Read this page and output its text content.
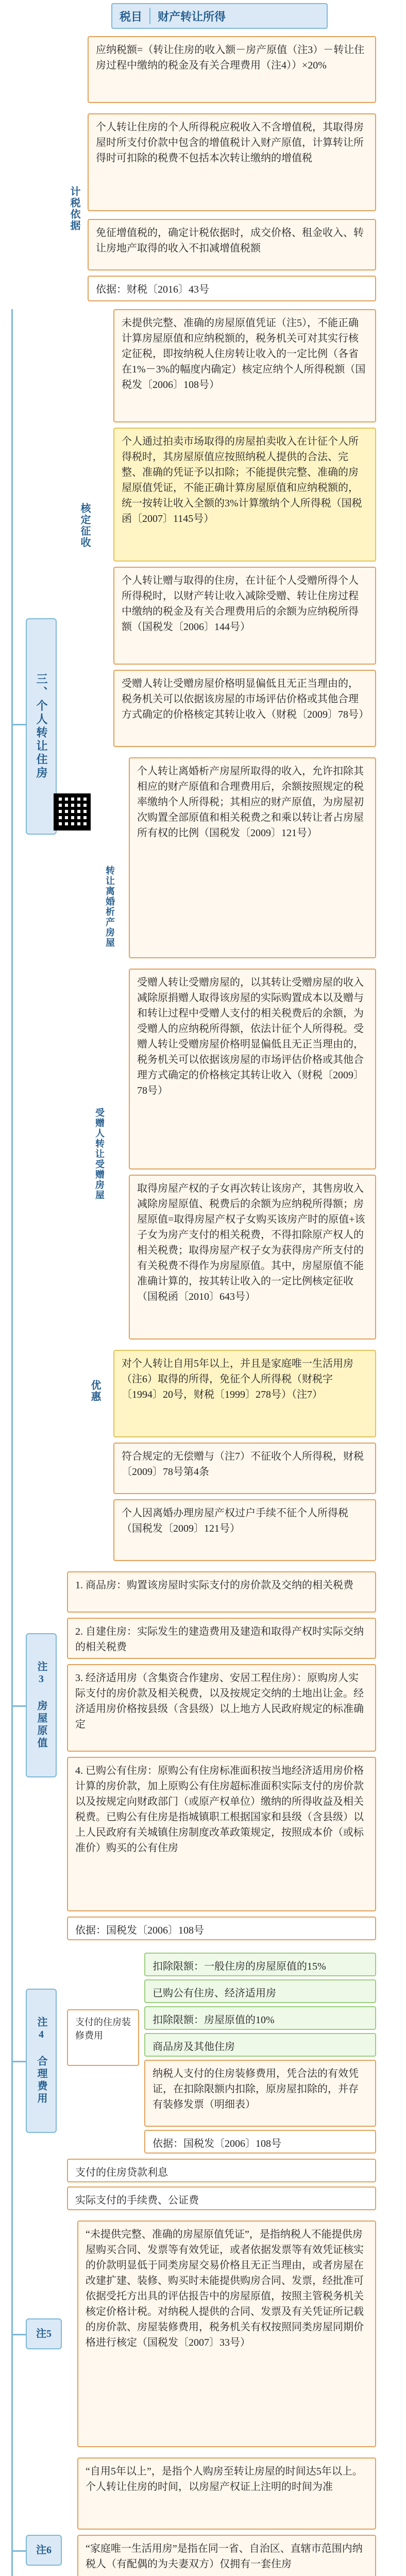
税目	财产转让所得
三、个人转让住房
计税依据
应纳税额=（转让住房的收入额－房产原值（注3）－转让住房过程中缴纳的税金及有关合理费用（注4））×20%
个人转让住房的个人所得税应税收入不含增值税，其取得房屋时所支付价款中包含的增值税计入财产原值，计算转让所得时可扣除的税费不包括本次转让缴纳的增值税
免征增值税的，确定计税依据时，成交价格、租金收入、转让房地产取得的收入不扣减增值税额
依据：财税〔2016〕43号
核定征收
未提供完整、准确的房屋原值凭证（注5），不能正确计算房屋原值和应纳税额的，税务机关可对其实行核定征税，即按纳税人住房转让收入的一定比例（各省在1%－3%的幅度内确定）核定应纳个人所得税额（国税发〔2006〕108号）
个人通过拍卖市场取得的房屋拍卖收入在计征个人所得税时，其房屋原值应按照纳税人提供的合法、完整、准确的凭证予以扣除；不能提供完整、准确的房屋原值凭证，不能正确计算房屋原值和应纳税额的，统一按转让收入全额的3%计算缴纳个人所得税（国税函〔2007〕1145号）
个人转让赠与取得的住房，在计征个人受赠所得个人所得税时，以财产转让收入减除受赠、转让住房过程中缴纳的税金及有关合理费用后的余额为应纳税所得额（国税发〔2006〕144号）
受赠人转让受赠房屋价格明显偏低且无正当理由的，税务机关可以依据该房屋的市场评估价格或其他合理方式确定的价格核定其转让收入（财税〔2009〕78号）
转让离婚析产房屋
个人转让离婚析产房屋所取得的收入，允许扣除其相应的财产原值和合理费用后，余额按照规定的税率缴纳个人所得税；其相应的财产原值，为房屋初次购置全部原值和相关税费之和乘以转让者占房屋所有权的比例（国税发〔2009〕121号）
受赠人转让受赠房屋
受赠人转让受赠房屋的，以其转让受赠房屋的收入减除原捐赠人取得该房屋的实际购置成本以及赠与和转让过程中受赠人支付的相关税费后的余额，为受赠人的应纳税所得额，依法计征个人所得税。受赠人转让受赠房屋价格明显偏低且无正当理由的，税务机关可以依据该房屋的市场评估价格或其他合理方式确定的价格核定其转让收入（财税〔2009〕78号）
取得房屋产权的子女再次转让该房产，其售房收入减除房屋原值、税费后的余额为应纳税所得额；房屋原值=取得房屋产权子女购买该房产时的原值+该子女为房产支付的相关税费，不得扣除原产权人的相关税费；取得房屋产权子女为获得房产所支付的有关税费不得作为房屋原值。其中，房屋原值不能准确计算的，按其转让收入的一定比例核定征收（国税函〔2010〕643号）
优惠
对个人转让自用5年以上，并且是家庭唯一生活用房（注6）取得的所得，免征个人所得税（财税字〔1994〕20号，财税〔1999〕278号）（注7）
符合规定的无偿赠与（注7）不征收个人所得税，财税〔2009〕78号第4条
个人因离婚办理房屋产权过户手续不征个人所得税（国税发〔2009〕121号）
注3 房屋原值
1. 商品房：购置该房屋时实际支付的房价款及交纳的相关税费
2. 自建住房：实际发生的建造费用及建造和取得产权时实际交纳的相关税费
3. 经济适用房（含集资合作建房、安居工程住房）：原购房人实际支付的房价款及相关税费，以及按规定交纳的土地出让金。经济适用房价格按县级（含县级）以上地方人民政府规定的标准确定
4. 已购公有住房：原购公有住房标准面积按当地经济适用房价格计算的房价款，加上原购公有住房超标准面积实际支付的房价款以及按规定向财政部门（或原产权单位）缴纳的所得收益及相关税费。已购公有住房是指城镇职工根据国家和县级（含县级）以上人民政府有关城镇住房制度改革政策规定，按照成本价（或标准价）购买的公有住房
依据：国税发〔2006〕108号
注4 合理费用
扣除限额：一般住房的房屋原值的15%
已购公有住房、经济适用房
扣除限额：房屋原值的10%
商品房及其他住房
纳税人支付的住房装修费用，凭合法的有效凭证，在扣除限额内扣除，原房屋扣除的，并存有装修发票（明细表）
支付的住房装修费用
依据：国税发〔2006〕108号
支付的住房贷款利息
实际支付的手续费、公证费
注5
“未提供完整、准确的房屋原值凭证”，是指纳税人不能提供房屋购买合同、发票等有效凭证，或者依据发票等有效凭证核实的价款明显低于同类房屋交易价格且无正当理由，或者房屋在改建扩建、装修、购买时未能提供购房合同、发票，经批准可依据受托方出具的评估报告中的房屋原值，按照主管税务机关核定价格计税。对纳税人提供的合同、发票及有关凭证所记载的房价款、房屋装修费用，税务机关有权按照同类房屋同期价格进行核定（国税发〔2007〕33号）
注6
“自用5年以上”，是指个人购房至转让房屋的时间达5年以上。个人转让住房的时间，以房屋产权证上注明的时间为准
“家庭唯一生活用房”是指在同一省、自治区、直辖市范围内纳税人（有配偶的为夫妻双方）仅拥有一套住房
